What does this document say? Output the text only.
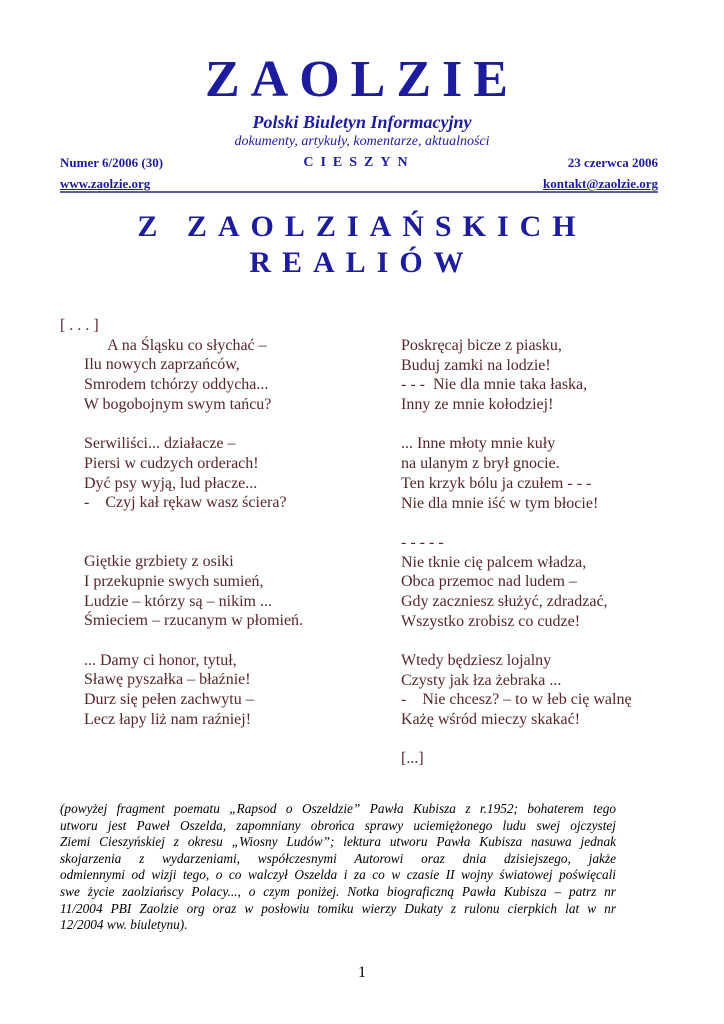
ZAOLZIE
Polski Biuletyn Informacyjny
dokumenty, artykuły, komentarze, aktualności
Numer 6/2006 (30)	CIESZYN	23 czerwca 2006
www.zaolzie.org	kontakt@zaolzie.org
Z ZAOLZIAŃSKICH
REALIÓW
[ . . . ]
A na Śląsku co słychać –
Ilu nowych zaprzańców,
Smrodem tchórzy oddycha...
W bogobojnym swym tańcu?
Serwiliści... działacze –
Piersi w cudzych orderach!
Dyć psy wyją, lud płacze...
-    Czyj kał rękaw wasz ściera?
Giętkie grzbiety z osiki
I przekupnie swych sumień,
Ludzie – którzy są – nikim ...
Śmieciem – rzucanym w płomień.
... Damy ci honor, tytuł,
Sławę pyszałka – błaźnie!
Durz się pełen zachwytu –
Lecz łapy liż nam raźniej!
Poskręcaj bicze z piasku,
Buduj zamki na lodzie!
- - -  Nie dla mnie taka łaska,
Inny ze mnie kołodziej!
... Inne młoty mnie kuły
na ulanym z brył gnocie.
Ten krzyk bólu ja czułem - - -
Nie dla mnie iść w tym błocie!
- - - - -
Nie tknie cię palcem władza,
Obca przemoc nad ludem –
Gdy zaczniesz służyć, zdradzać,
Wszystko zrobisz co cudze!
Wtedy będziesz lojalny
Czysty jak łza żebraka ...
-    Nie chcesz? – to w łeb cię walnę
Każę wśród mieczy skakać!
[...]
(powyżej fragment poematu „Rapsod o Oszeldzie” Pawła Kubisza z r.1952; bohaterem tego
utworu jest Paweł Oszelda, zapomniany obrońca sprawy uciemiężonego ludu swej ojczystej
Ziemi Cieszyńskiej z okresu „Wiosny Ludów”; lektura utworu Pawła Kubisza nasuwa jednak
skojarzenia z wydarzeniami, współczesnymi Autorowi oraz dnia dzisiejszego, jakże
odmiennymi od wizji tego, o co walczył Oszelda i za co w czasie II wojny światowej poświęcali
swe życie zaolziańscy Polacy..., o czym poniżej. Notka biograficzną Pawła Kubisza – patrz nr
11/2004 PBI Zaolzie org oraz w posłowiu tomiku wierzy Dukaty z rulonu cierpkich lat w nr
12/2004 ww. biuletynu).
1
